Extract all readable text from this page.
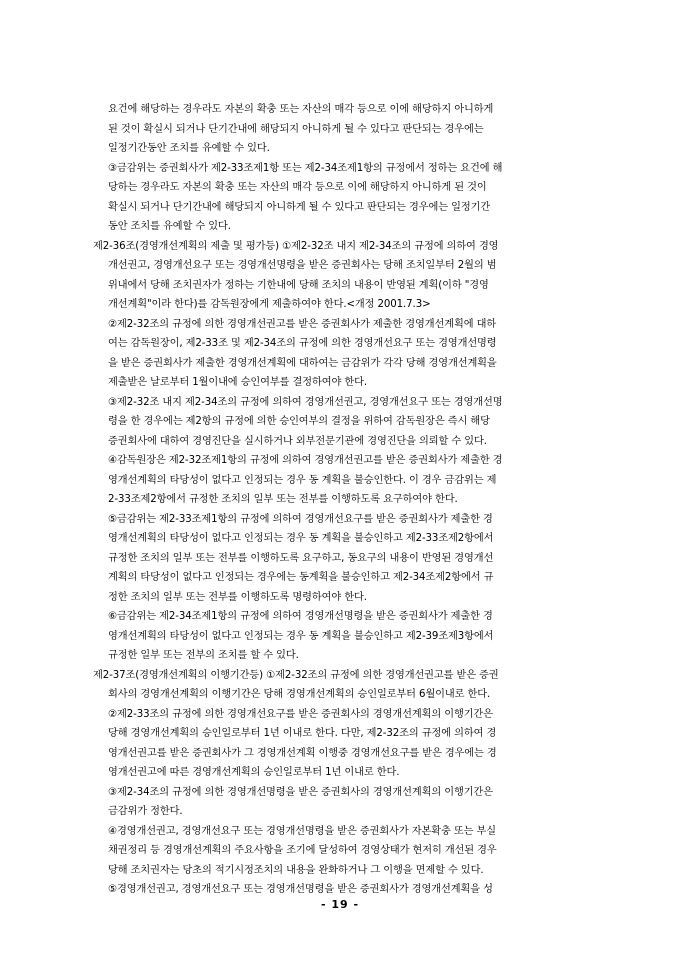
요건에 해당하는 경우라도 자본의 확충 또는 자산의 매각 등으로 이에 해당하지 아니하게
된 것이 확실시 되거나 단기간내에 해당되지 아니하게 될 수 있다고 판단되는 경우에는
일정기간동안 조치를 유예할 수 있다.
③금감위는 증권회사가 제2-33조제1항 또는 제2-34조제1항의 규정에서 정하는 요건에 해
당하는 경우라도 자본의 확충 또는 자산의 매각 등으로 이에 해당하지 아니하게 된 것이
확실시 되거나 단기간내에 해당되지 아니하게 될 수 있다고 판단되는 경우에는 일정기간
동안 조치를 유예할 수 있다.
제2-36조(경영개선계획의 제출 및 평가등) ①제2-32조 내지 제2-34조의 규정에 의하여 경영
개선권고, 경영개선요구 또는 경영개선명령을 받은 증권회사는 당해 조치일부터 2월의 범
위내에서 당해 조치권자가 정하는 기한내에 당해 조치의 내용이 반영된 계획(이하 "경영
개선계획"이라 한다)를 감독원장에게 제출하여야 한다.<개정 2001.7.3>
②제2-32조의 규정에 의한 경영개선권고를 받은 증권회사가 제출한 경영개선계획에 대하
여는 감독원장이, 제2-33조 및 제2-34조의 규정에 의한 경영개선요구 또는 경영개선명령
을 받은 증권회사가 제출한 경영개선계획에 대하여는 금감위가 각각 당해 경영개선계획을
제출받은 날로부터 1월이내에 승인여부를 결정하여야 한다.
③제2-32조 내지 제2-34조의 규정에 의하여 경영개선권고, 경영개선요구 또는 경영개선명
령을 한 경우에는 제2항의 규정에 의한 승인여부의 결정을 위하여 감독원장은 즉시 해당
증권회사에 대하여 경영진단을 실시하거나 외부전문기관에 경영진단을 의뢰할 수 있다.
④감독원장은 제2-32조제1항의 규정에 의하여 경영개선권고를 받은 증권회사가 제출한 경
영개선계획의 타당성이 없다고 인정되는 경우 동 계획을 불승인한다. 이 경우 금감위는 제
2-33조제2항에서 규정한 조치의 일부 또는 전부를 이행하도록 요구하여야 한다.
⑤금감위는 제2-33조제1항의 규정에 의하여 경영개선요구를 받은 증권회사가 제출한 경
영개선계획의 타당성이 없다고 인정되는 경우 동 계획을 불승인하고 제2-33조제2항에서
규정한 조치의 일부 또는 전부를 이행하도록 요구하고, 동요구의 내용이 반영된 경영개선
계획의 타당성이 없다고 인정되는 경우에는 동계획을 불승인하고 제2-34조제2항에서 규
정한 조치의 일부 또는 전부를 이행하도록 명령하여야 한다.
⑥금감위는 제2-34조제1항의 규정에 의하여 경영개선명령을 받은 증권회사가 제출한 경
영개선계획의 타당성이 없다고 인정되는 경우 동 계획을 불승인하고 제2-39조제3항에서
규정한 일부 또는 전부의 조치를 할 수 있다.
제2-37조(경영개선계획의 이행기간등) ①제2-32조의 규정에 의한 경영개선권고를 받은 증권
회사의 경영개선계획의 이행기간은 당해 경영개선계획의 승인일로부터 6월이내로 한다.
②제2-33조의 규정에 의한 경영개선요구를 받은 증권회사의 경영개선계획의 이행기간은
당해 경영개선계획의 승인일로부터 1년 이내로 한다. 다만, 제2-32조의 규정에 의하여 경
영개선권고를 받은 증권회사가 그 경영개선계획 이행중 경영개선요구를 받은 경우에는 경
영개선권고에 따른 경영개선계획의 승인일로부터 1년 이내로 한다.
③제2-34조의 규정에 의한 경영개선명령을 받은 증권회사의 경영개선계획의 이행기간은
금감위가 정한다.
④경영개선권고, 경영개선요구 또는 경영개선명령을 받은 증권회사가 자본확충 또는 부실
채권정리 등 경영개선계획의 주요사항을 조기에 달성하여 경영상태가 현저히 개선된 경우
당해 조치권자는 당초의 적기시정조치의 내용을 완화하거나 그 이행을 면제할 수 있다.
⑤경영개선권고, 경영개선요구 또는 경영개선명령을 받은 증권회사가 경영개선계획을 성
- 19 -
